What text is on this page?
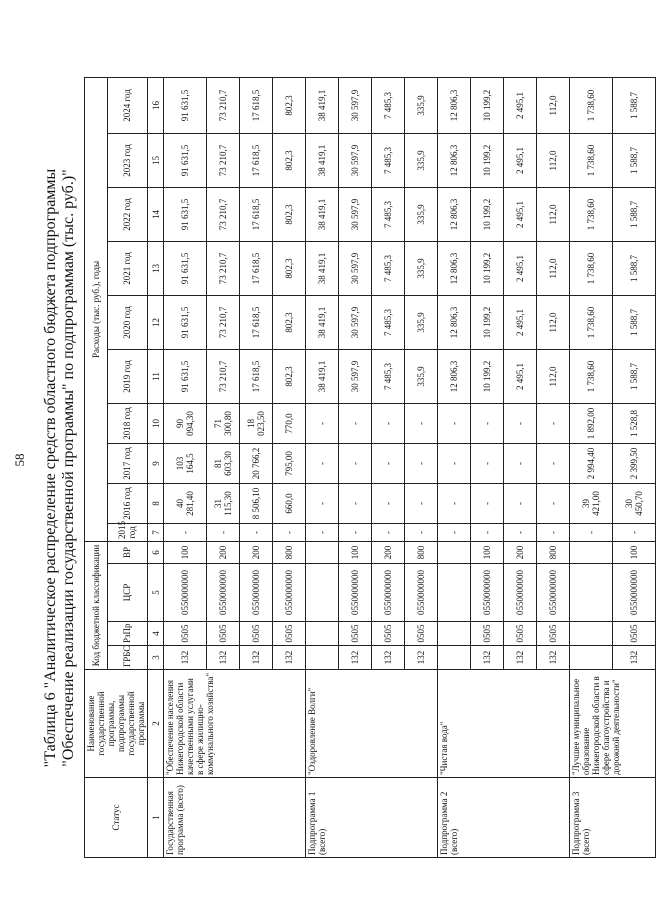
58 "Таблица 6 "Аналитическое распределение средств областного бюджета подпрограммы "Обеспечение реализации государственной программы" по подпрограммам (тыс. руб.)"
Статус	Наименование государственной программы, подпрограммы государственной программы	Код бюджетной классификации				Расходы (тыс. руб.), годы									
		ГРБС	РзПр	ЦСР	ВР	2015 год	2016 год	2017 год	2018 год	2019 год	2020 год	2021 год	2022 год	2023 год	2024 год
1	2	3	4	5	6	7	8	9	10	11	12	13	14	15	16
Государственная программа (всего)	"Обеспечение населения Нижегородской области качественными услугами в сфере жилищно-коммунального хозяйства"	132	0505	0550000000	100	-	40 281,40	103 164,5	90 094,30	91 631,5	91 631,5	91 631,5	91 631,5	91 631,5	91 631,5
		132	0505	0550000000	200	-	31 115,30	81 603,30	71 300,80	73 210,7	73 210,7	73 210,7	73 210,7	73 210,7	73 210,7
		132	0505	0550000000	200	-	8 506,10	20 766,2	18 023,50	17 618,5	17 618,5	17 618,5	17 618,5	17 618,5	17 618,5
		132	0505	0550000000	800	-	660,0	795,00	770,0	802,3	802,3	802,3	802,3	802,3	802,3
Подпрограмма 1 (всего)	"Оздоровление Волги"					-	-	-	-	38 419,1	38 419,1	38 419,1	38 419,1	38 419,1	38 419,1
		132	0505	0550000000	100	-	-	-	-	30 597,9	30 597,9	30 597,9	30 597,9	30 597,9	30 597,9
		132	0505	0550000000	200	-	-	-	-	7 485,3	7 485,3	7 485,3	7 485,3	7 485,3	7 485,3
		132	0505	0550000000	800	-	-	-	-	335,9	335,9	335,9	335,9	335,9	335,9
Подпрограмма 2 (всего)	"Чистая вода"					-	-	-	-	12 806,3	12 806,3	12 806,3	12 806,3	12 806,3	12 806,3
		132	0505	0550000000	100	-	-	-	-	10 199,2	10 199,2	10 199,2	10 199,2	10 199,2	10 199,2
		132	0505	0550000000	200	-	-	-	-	2 495,1	2 495,1	2 495,1	2 495,1	2 495,1	2 495,1
		132	0505	0550000000	800	-	-	-	-	112,0	112,0	112,0	112,0	112,0	112,0
Подпрограмма 3 (всего)	"Лучшее муниципальное образование Нижегородской области в сфере благоустройства и дорожной деятельности"					-	39 421,00	2 994,40	1 892,00	1 738,60	1 738,60	1 738,60	1 738,60	1 738,60	1 738,60
		132	0505	0550000000	100	-	30 450,70	2 399,50	1 528,8	1 588,7	1 588,7	1 588,7	1 588,7	1 588,7	1 588,7
